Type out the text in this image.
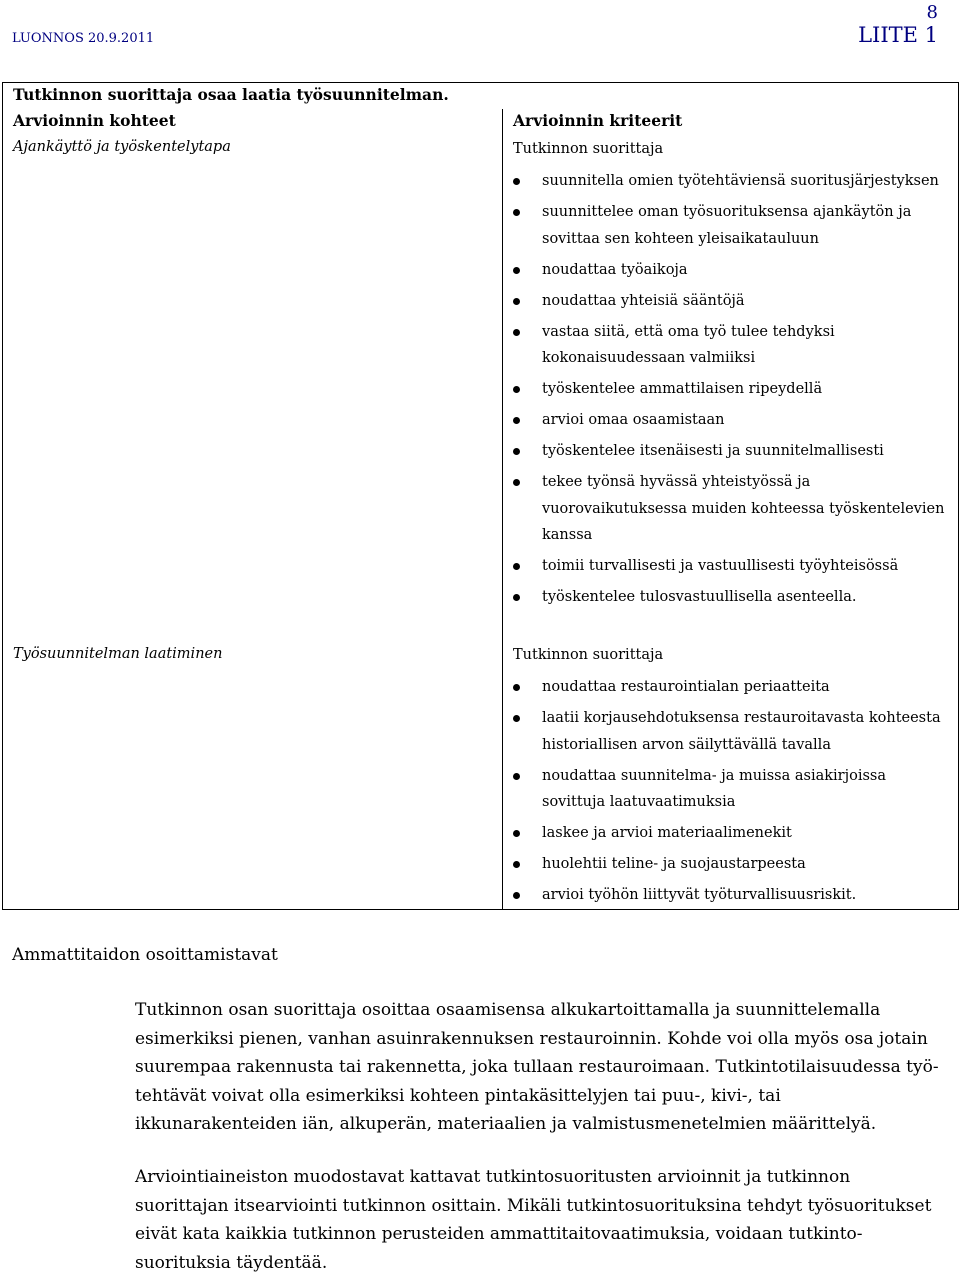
LUONNOS 20.9.2011
8
LIITE 1
Tutkinnon suorittaja osaa laatia työsuunnitelman.
Arvioinnin kohteet	Arvioinnin kriteerit
Ajankäyttö ja työskentelytapa	Tutkinnon suorittaja
suunnitella omien työtehtäviensä suoritusjärjestyksen
suunnittelee oman työsuorituksensa ajankäytön ja sovittaa sen kohteen yleisaikatauluun
noudattaa työaikoja
noudattaa yhteisiä sääntöjä
vastaa siitä, että oma työ tulee tehdyksi kokonaisuudessaan valmiiksi
työskentelee ammattilaisen ripeydellä
arvioi omaa osaamistaan
työskentelee itsenäisesti ja suunnitelmallisesti
tekee työnsä hyvässä yhteistyössä ja vuorovaikutuksessa muiden kohteessa työskentelevien kanssa
toimii turvallisesti ja vastuullisesti työyhteisössä
työskentelee tulosvastuullisella asenteella.
Työsuunnitelman laatiminen	Tutkinnon suorittaja
noudattaa restaurointialan periaatteita
laatii korjausehdotuksensa restauroitavasta kohteesta historiallisen arvon säilyttävällä tavalla
noudattaa suunnitelma- ja muissa asiakirjoissa sovittuja laatuvaatimuksia
laskee ja arvioi materiaalimenekit
huolehtii teline- ja suojaustarpeesta
arvioi työhön liittyvät työturvallisuusriskit.
Ammattitaidon osoittamistavat
Tutkinnon osan suorittaja osoittaa osaamisensa alkukartoittamalla ja suunnittelemalla esimerkiksi pienen, vanhan asuinrakennuksen restauroinnin. Kohde voi olla myös osa jotain suurempaa rakennusta tai rakennetta, joka tullaan restauroimaan. Tutkintotilaisuudessa työ-tehtävät voivat olla esimerkiksi kohteen pintakäsittelyjen tai puu-, kivi-, tai ikkunarakenteiden iän, alkuperän, materiaalien ja valmistusmenetelmien määrittelyä.
Arviointiaineiston muodostavat kattavat tutkintosuoritusten arvioinnit ja tutkinnon suorittajan itsearviointi tutkinnon osittain. Mikäli tutkintosuorituksina tehdyt työsuoritukset eivät kata kaikkia tutkinnon perusteiden ammattitaitovaatimuksia, voidaan tutkinto-suorituksia täydentää.
